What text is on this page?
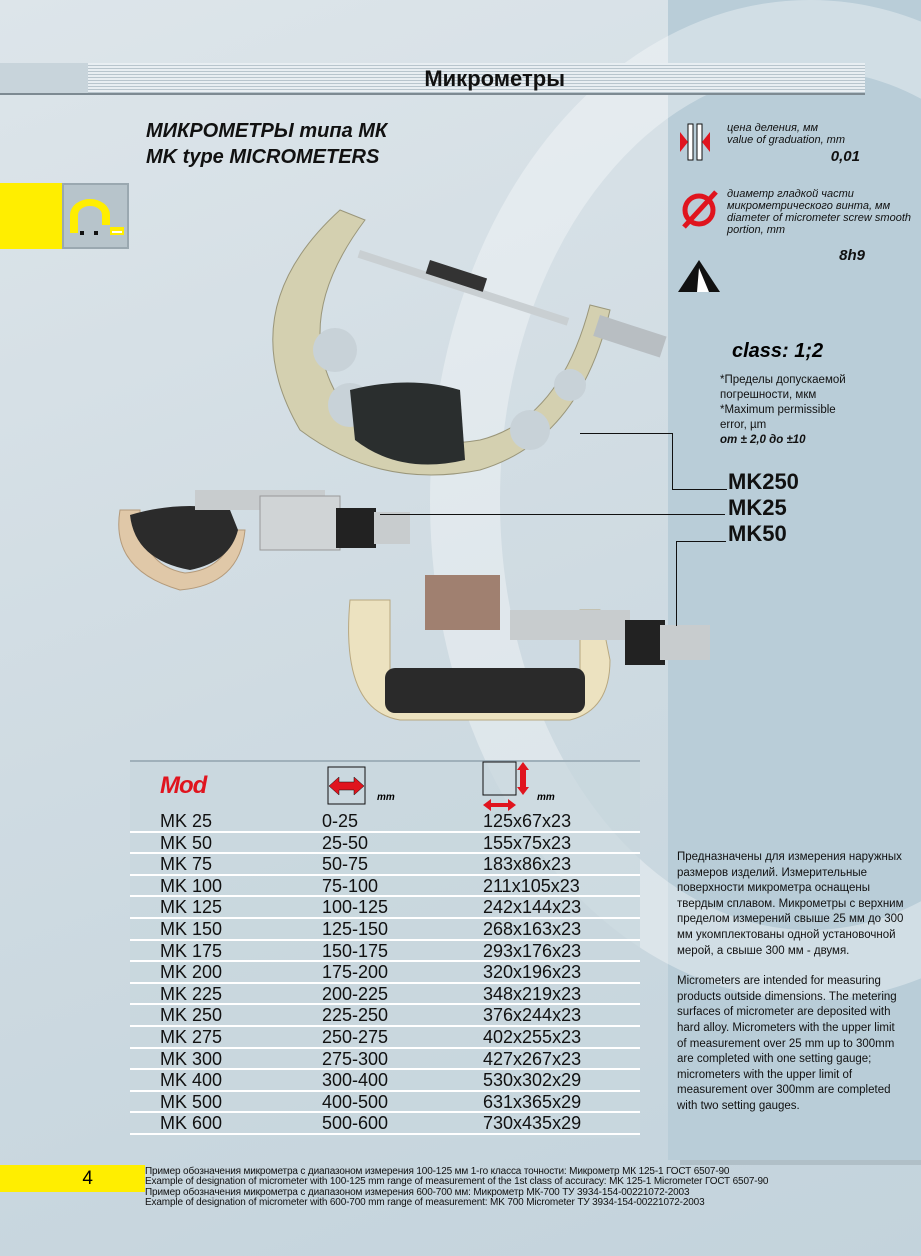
Микрометры
МИКРОМЕТРЫ типа МК
MK type MICROMETERS
цена деления, мм
value of graduation, mm
0,01
диаметр гладкой части микрометрического винта, мм
diameter of micrometer screw smooth portion, mm
8h9
class: 1;2
*Пределы допускаемой погрешности, мкм
*Maximum permissible error, µm
от ± 2,0 до ±10
MK250
MK25
MK50
Mod	mm	mm
MK 25	0-25	125x67x23
MK 50	25-50	155x75x23
MK 75	50-75	183x86x23
MK 100	75-100	211x105x23
MK 125	100-125	242x144x23
MK 150	125-150	268x163x23
MK 175	150-175	293x176x23
MK 200	175-200	320x196x23
MK 225	200-225	348x219x23
MK 250	225-250	376x244x23
MK 275	250-275	402x255x23
MK 300	275-300	427x267x23
MK 400	300-400	530x302x29
MK 500	400-500	631x365x29
MK 600	500-600	730x435x29
Предназначены для измерения наружных размеров изделий. Измерительные поверхности микрометра оснащены твердым сплавом. Микрометры с верхним пределом измерений свыше 25 мм до 300 мм укомплектованы одной установочной мерой, а свыше 300 мм - двумя.
Micrometers are intended for measuring products outside dimensions. The metering surfaces of micrometer are deposited with hard alloy. Micrometers with the upper limit of measurement over 25 mm up to 300mm are completed with one setting gauge; micrometers with the upper limit of measurement over 300mm are completed with two setting gauges.
4	Пример обозначения микрометра с диапазоном измерения 100-125 мм 1-го класса точности: Микрометр МК 125-1 ГОСТ 6507-90
Example of designation of micrometer with 100-125 mm range of measurement of the 1st class of accuracy: MK 125-1 Micrometer ГОСТ 6507-90
Пример обозначения микрометра с диапазоном измерения 600-700 мм: Микрометр МК-700 ТУ 3934-154-00221072-2003
Example of designation of micrometer with 600-700 mm range of measurement: MK 700 Micrometer ТУ 3934-154-00221072-2003
